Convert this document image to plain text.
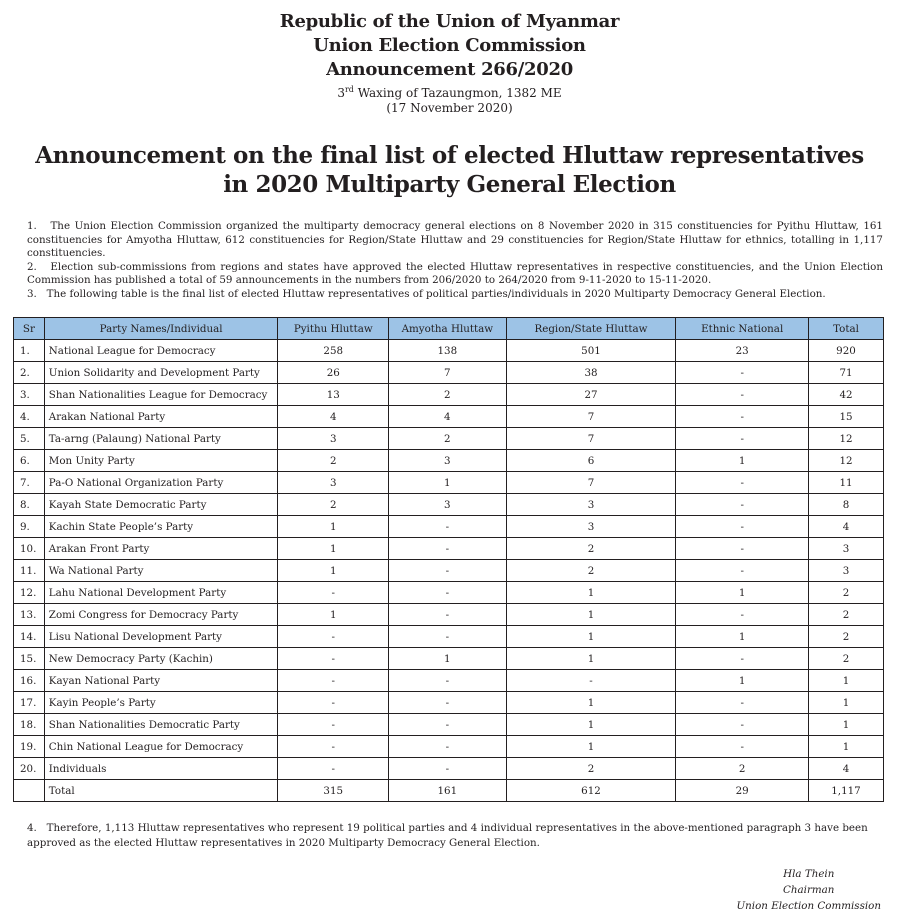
Republic of the Union of Myanmar
Union Election Commission
Announcement 266/2020
3rd Waxing of Tazaungmon, 1382 ME
(17 November 2020)
Announcement on the final list of elected Hluttaw representatives
in 2020 Multiparty General Election

1.   The Union Election Commission organized the multiparty democracy general elections on 8 November 2020 in 315 constituencies for Pyithu Hluttaw, 161 constituencies for Amyotha Hluttaw, 612 constituencies for Region/State Hluttaw and 29 constituencies for Region/State Hluttaw for ethnics, totalling in 1,117 constituencies.

2.   Election sub-commissions from regions and states have approved the elected Hluttaw representatives in respective constituencies, and the Union Election Commission has published a total of 59 announcements in the numbers from 206/2020 to 264/2020 from 9-11-2020 to 15-11-2020.

3.   The following table is the final list of elected Hluttaw representatives of political parties/individuals in 2020 Multiparty Democracy General Election.

Sr	Party Names/Individual	Pyithu Hluttaw	Amyotha Hluttaw	Region/State Hluttaw	Ethnic National	Total
1.	National League for Democracy	258	138	501	23	920
2.	Union Solidarity and Development Party	26	7	38	-	71
3.	Shan Nationalities League for Democracy	13	2	27	-	42
4.	Arakan National Party	4	4	7	-	15
5.	Ta-arng (Palaung) National Party	3	2	7	-	12
6.	Mon Unity Party	2	3	6	1	12
7.	Pa-O National Organization Party	3	1	7	-	11
8.	Kayah State Democratic Party	2	3	3	-	8
9.	Kachin State People’s Party	1	-	3	-	4
10.	Arakan Front Party	1	-	2	-	3
11.	Wa National Party	1	-	2	-	3
12.	Lahu National Development Party	-	-	1	1	2
13.	Zomi Congress for Democracy Party	1	-	1	-	2
14.	Lisu National Development Party	-	-	1	1	2
15.	New Democracy Party (Kachin)	-	1	1	-	2
16.	Kayan National Party	-	-	-	1	1
17.	Kayin People’s Party	-	-	1	-	1
18.	Shan Nationalities Democratic Party	-	-	1	-	1
19.	Chin National League for Democracy	-	-	1	-	1
20.	Individuals	-	-	2	2	4
	Total	315	161	612	29	1,117

4.   Therefore, 1,113 Hluttaw representatives who represent 19 political parties and 4 individual representatives in the above-mentioned paragraph 3 have been approved as the elected Hluttaw representatives in 2020 Multiparty Democracy General Election.

Hla Thein
Chairman
Union Election Commission
